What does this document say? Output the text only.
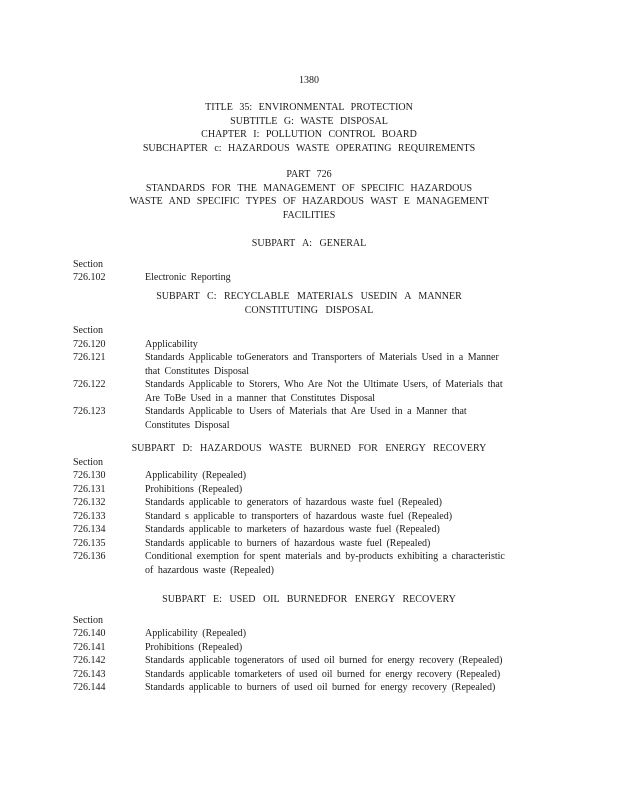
1380
TITLE 35: ENVIRONMENTAL PROTECTION
SUBTITLE G: WASTE DISPOSAL
CHAPTER I: POLLUTION CONTROL BOARD
SUBCHAPTER c: HAZARDOUS WASTE OPERATING REQUIREMENTS
PART 726
STANDARDS FOR THE MANAGEMENT OF SPECIFIC HAZARDOUS
WASTE AND SPECIFIC TYPES OF HAZARDOUS WAST E MANAGEMENT
FACILITIES
SUBPART A: GENERAL
Section
726.102	Electronic Reporting
SUBPART C: RECYCLABLE MATERIALS USEDIN A MANNER
CONSTITUTING DISPOSAL
Section
726.120	Applicability
726.121	Standards Applicable toGenerators and Transporters of Materials Used in a Manner that Constitutes Disposal
726.122	Standards Applicable to Storers, Who Are Not the Ultimate Users, of Materials that Are ToBe Used in a manner that Constitutes Disposal
726.123	Standards Applicable to Users of Materials that Are Used in a Manner that Constitutes Disposal
SUBPART D: HAZARDOUS WASTE BURNED FOR ENERGY RECOVERY
Section
726.130	Applicability (Repealed)
726.131	Prohibitions (Repealed)
726.132	Standards applicable to generators of hazardous waste fuel (Repealed)
726.133	Standard s applicable to transporters of hazardous waste fuel (Repealed)
726.134	Standards applicable to marketers of hazardous waste fuel (Repealed)
726.135	Standards applicable to burners of hazardous waste fuel (Repealed)
726.136	Conditional exemption for spent materials and by-products exhibiting a characteristic of hazardous waste (Repealed)
SUBPART E: USED OIL BURNEDFOR ENERGY RECOVERY
Section
726.140	Applicability (Repealed)
726.141	Prohibitions (Repealed)
726.142	Standards applicable togenerators of used oil burned for energy recovery (Repealed)
726.143	Standards applicable tomarketers of used oil burned for energy recovery (Repealed)
726.144	Standards applicable to burners of used oil burned for energy recovery (Repealed)
